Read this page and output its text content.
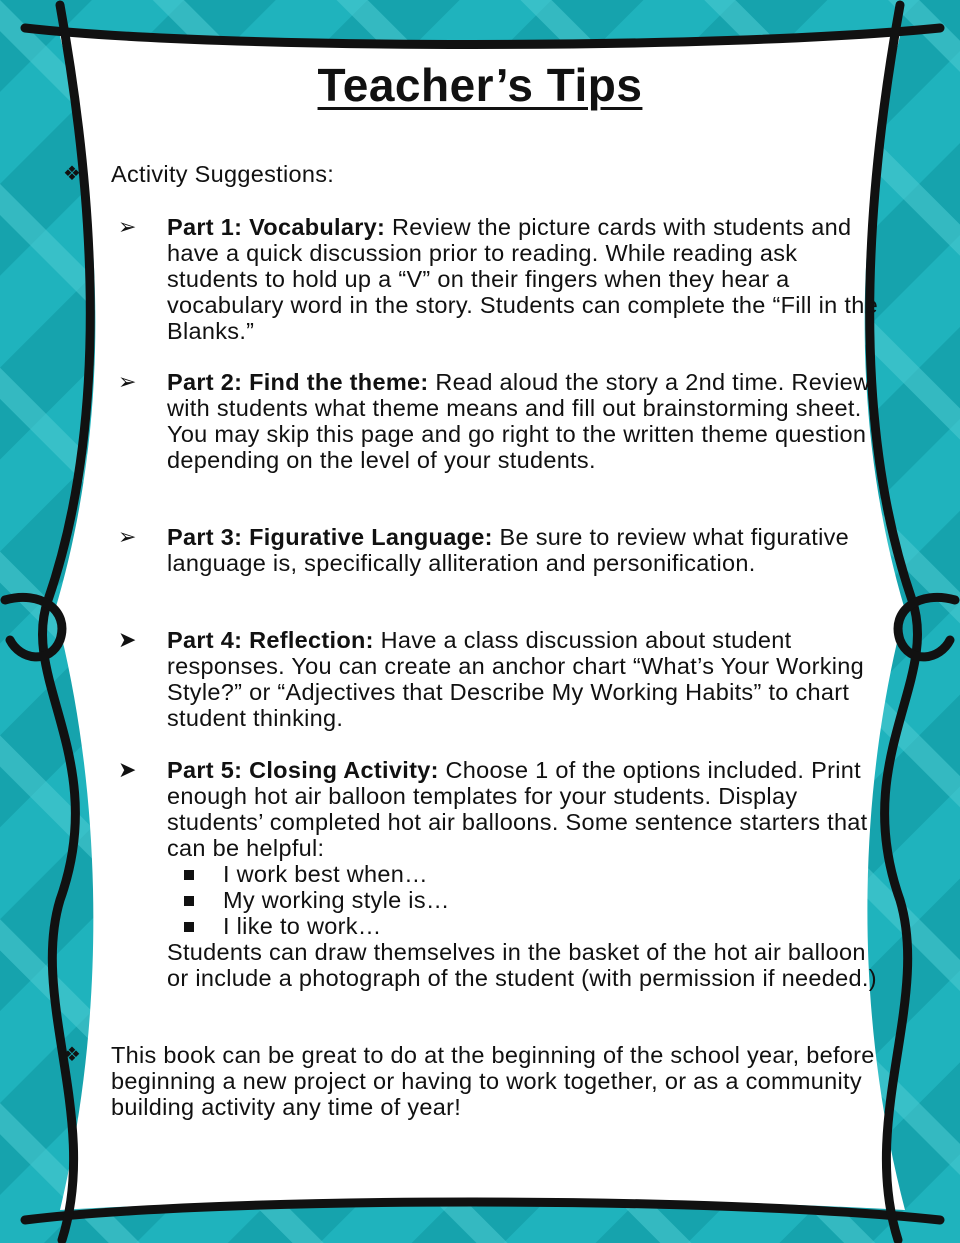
Teacher’s Tips
❖ Activity Suggestions:
➢ Part 1: Vocabulary: Review the picture cards with students and have a quick discussion prior to reading. While reading ask students to hold up a “V” on their fingers when they hear a vocabulary word in the story. Students can complete the “Fill in the Blanks.”
➢ Part 2: Find the theme: Read aloud the story a 2nd time. Review with students what theme means and fill out brainstorming sheet. You may skip this page and go right to the written theme question depending on the level of your students.
➢ Part 3: Figurative Language: Be sure to review what figurative language is, specifically alliteration and personification.
➤ Part 4: Reflection: Have a class discussion about student responses. You can create an anchor chart “What’s Your Working Style?” or “Adjectives that Describe My Working Habits” to chart student thinking.
➤ Part 5: Closing Activity: Choose 1 of the options included. Print enough hot air balloon templates for your students. Display students’ completed hot air balloons. Some sentence starters that can be helpful:
I work best when…
My working style is…
I like to work…
Students can draw themselves in the basket of the hot air balloon or include a photograph of the student (with permission if needed.)
❖ This book can be great to do at the beginning of the school year, before beginning a new project or having to work together, or as a community building activity any time of year!
